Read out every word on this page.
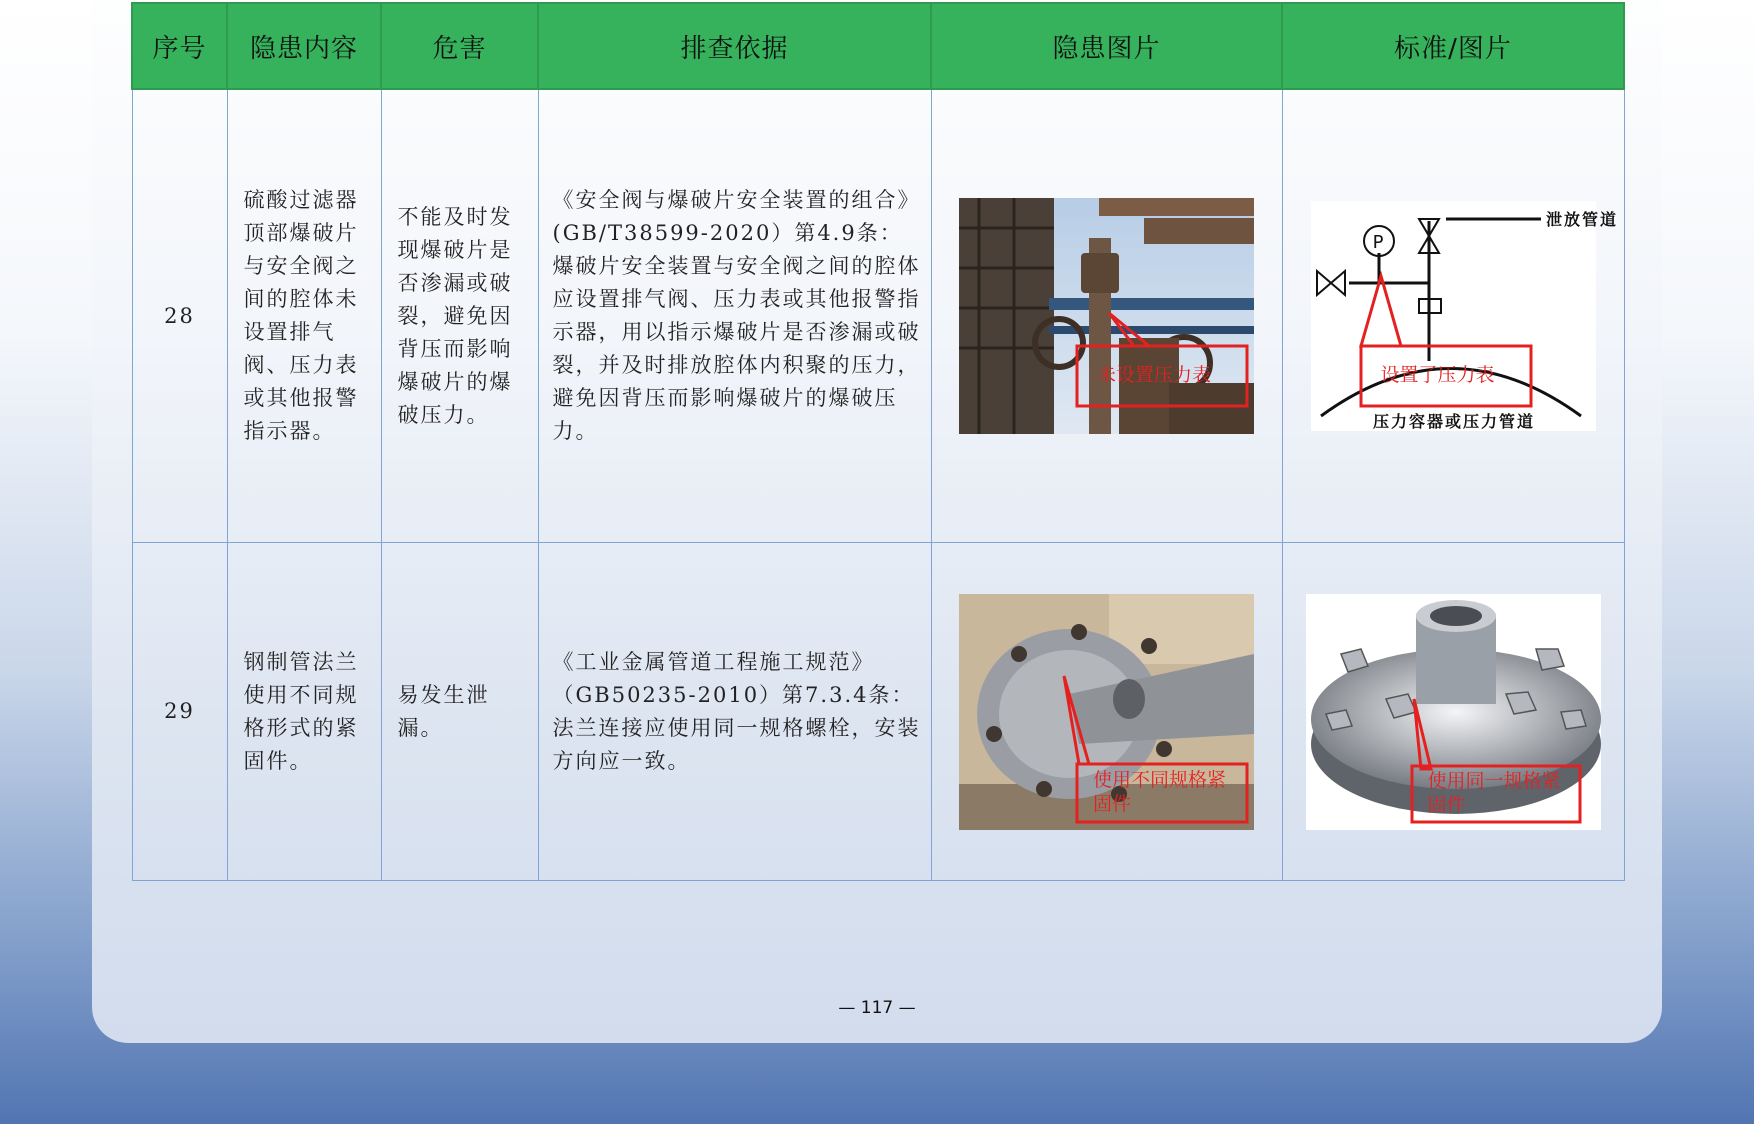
序号	隐患内容	危害	排查依据	隐患图片	标准/图片
28	硫酸过滤器顶部爆破片与安全阀之间的腔体未设置排气阀、压力表或其他报警指示器。	不能及时发现爆破片是否渗漏或破裂，避免因背压而影响爆破片的爆破压力。	《安全阀与爆破片安全装置的组合》(GB/T38599-2020）第4.9条：爆破片安全装置与安全阀之间的腔体应设置排气阀、压力表或其他报警指示器，用以指示爆破片是否渗漏或破裂，并及时排放腔体内积聚的压力，避免因背压而影响爆破片的爆破压力。	未设置压力表	P
泄放管道
压力容器或压力管道
设置了压力表

29	钢制管法兰使用不同规格形式的紧固件。	易发生泄漏。	《工业金属管道工程施工规范》（GB50235-2010）第7.3.4条：法兰连接应使用同一规格螺栓，安装方向应一致。	使用不同规格紧固件	使用同一规格紧固件
— 117 —
